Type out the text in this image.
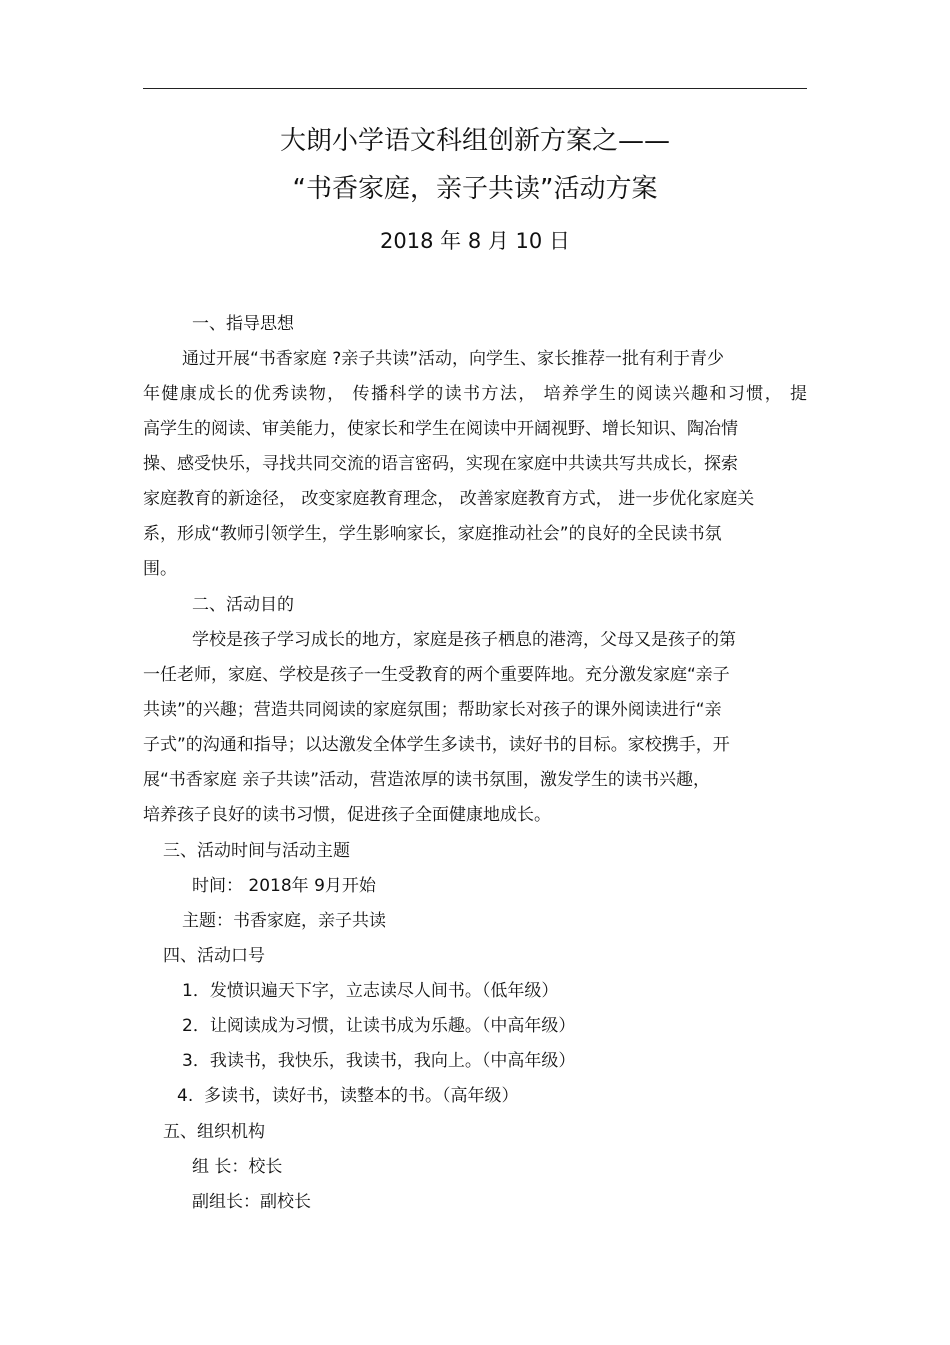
大朗小学语文科组创新方案之——
“书香家庭，亲子共读”活动方案
2018 年 8 月 10 日
一、指导思想
通过开展“书香家庭 ?亲子共读”活动，向学生、家长推荐一批有利于青少
年健康成长的优秀读物， 传播科学的读书方法， 培养学生的阅读兴趣和习惯， 提
高学生的阅读、审美能力，使家长和学生在阅读中开阔视野、增长知识、陶冶情
操、感受快乐，寻找共同交流的语言密码，实现在家庭中共读共写共成长，探索
家庭教育的新途径， 改变家庭教育理念， 改善家庭教育方式， 进一步优化家庭关
系，形成“教师引领学生，学生影响家长，家庭推动社会”的良好的全民读书氛
围。
二、活动目的
学校是孩子学习成长的地方，家庭是孩子栖息的港湾，父母又是孩子的第
一任老师，家庭、学校是孩子一生受教育的两个重要阵地。充分激发家庭“亲子
共读”的兴趣；营造共同阅读的家庭氛围；帮助家长对孩子的课外阅读进行“亲
子式”的沟通和指导；以达激发全体学生多读书，读好书的目标。家校携手，开
展“书香家庭 亲子共读”活动，营造浓厚的读书氛围，激发学生的读书兴趣，
培养孩子良好的读书习惯，促进孩子全面健康地成长。
三、活动时间与活动主题
时间： 2018年 9月开始
主题：书香家庭，亲子共读
四、活动口号
1．发愤识遍天下字，立志读尽人间书。（低年级）
2．让阅读成为习惯，让读书成为乐趣。（中高年级）
3．我读书，我快乐，我读书，我向上。（中高年级）
4.  多读书，读好书，读整本的书。（高年级）
五、组织机构
组 长：校长
副组长：副校长
